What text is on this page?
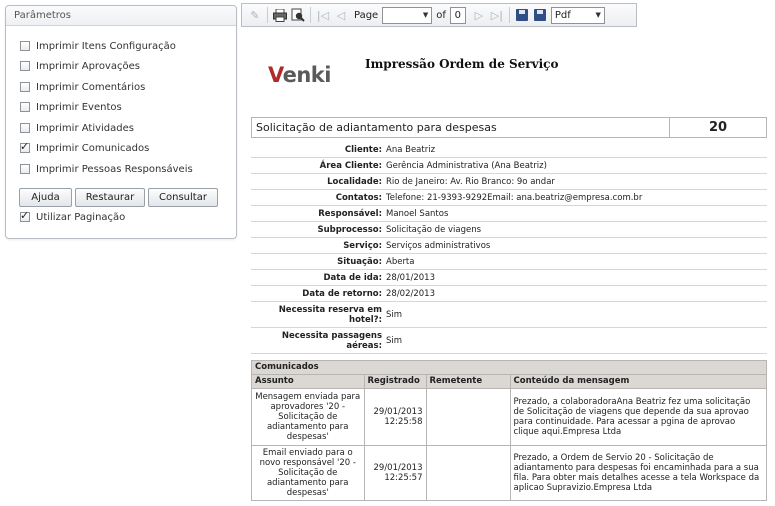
Parâmetros
Imprimir Itens Configuração
Imprimir Aprovações
Imprimir Comentários
Imprimir Eventos
Imprimir Atividades
✓
Imprimir Comunicados
Imprimir Pessoas Responsáveis
Ajuda	Restaurar	Consultar
✓
Utilizar Paginação
✎	|◁ ◁ Page	▼ of 0	▷ ▷|	Pdf	▼
Venki	Impressão Ordem de Serviço
Solicitação de adiantamento para despesas	20
Cliente: Ana Beatriz
Área Cliente: Gerência Administrativa (Ana Beatriz)
Localidade: Rio de Janeiro: Av. Rio Branco: 9o andar
Contatos: Telefone: 21-9393-9292Email: ana.beatriz@empresa.com.br
Responsável: Manoel Santos
Subprocesso: Solicitação de viagens
Serviço: Serviços administrativos
Situação: Aberta
Data de ida: 28/01/2013
Data de retorno: 28/02/2013
Necessita reserva em hotel?: Sim
Necessita passagens aéreas: Sim
Comunicados
Assunto	Registrado	Remetente	Conteúdo da mensagem
Mensagem enviada para aprovadores '20 - Solicitação de adiantamento para despesas'	29/01/2013 12:25:58		Prezado, a colaboradoraAna Beatriz fez uma solicitação de Solicitação de viagens que depende da sua aprovao para continuidade. Para acessar a pgina de aprovao clique aqui.Empresa Ltda
Email enviado para o novo responsável '20 - Solicitação de adiantamento para despesas'	29/01/2013 12:25:57		Prezado, a Ordem de Servio 20 - Solicitação de adiantamento para despesas foi encaminhada para a sua fila. Para obter mais detalhes acesse a tela Workspace da aplicao Supravizio.Empresa Ltda
